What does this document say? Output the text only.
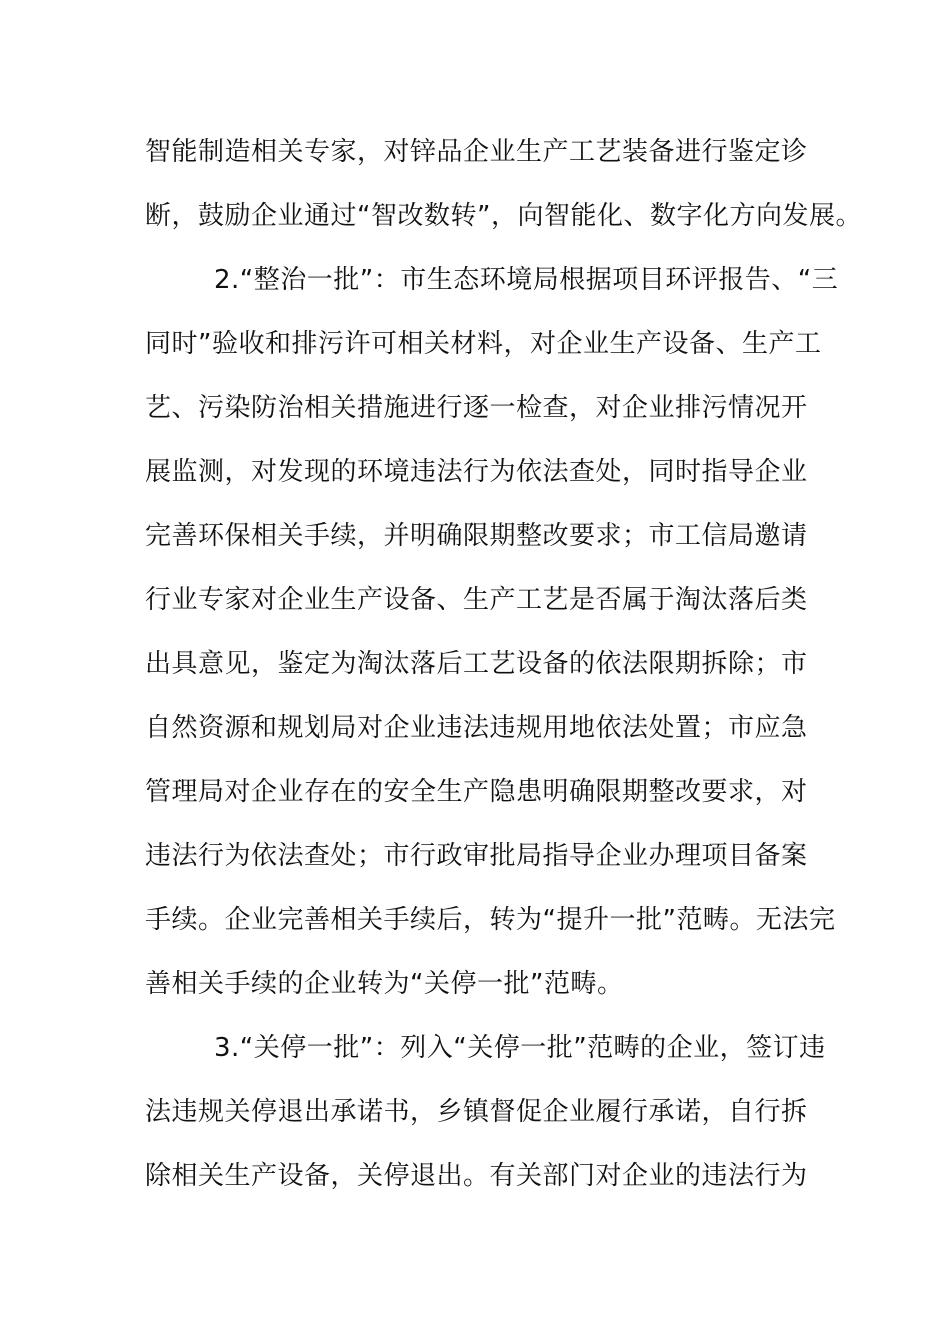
智能制造相关专家，对锌品企业生产工艺装备进行鉴定诊
断，鼓励企业通过“智改数转”，向智能化、数字化方向发展。
2.“整治一批”：市生态环境局根据项目环评报告、“三
同时”验收和排污许可相关材料，对企业生产设备、生产工
艺、污染防治相关措施进行逐一检查，对企业排污情况开
展监测，对发现的环境违法行为依法查处，同时指导企业
完善环保相关手续，并明确限期整改要求；市工信局邀请
行业专家对企业生产设备、生产工艺是否属于淘汰落后类
出具意见，鉴定为淘汰落后工艺设备的依法限期拆除；市
自然资源和规划局对企业违法违规用地依法处置；市应急
管理局对企业存在的安全生产隐患明确限期整改要求，对
违法行为依法查处；市行政审批局指导企业办理项目备案
手续。企业完善相关手续后，转为“提升一批”范畴。无法完
善相关手续的企业转为“关停一批”范畴。
3.“关停一批”：列入“关停一批”范畴的企业，签订违
法违规关停退出承诺书，乡镇督促企业履行承诺，自行拆
除相关生产设备，关停退出。有关部门对企业的违法行为
